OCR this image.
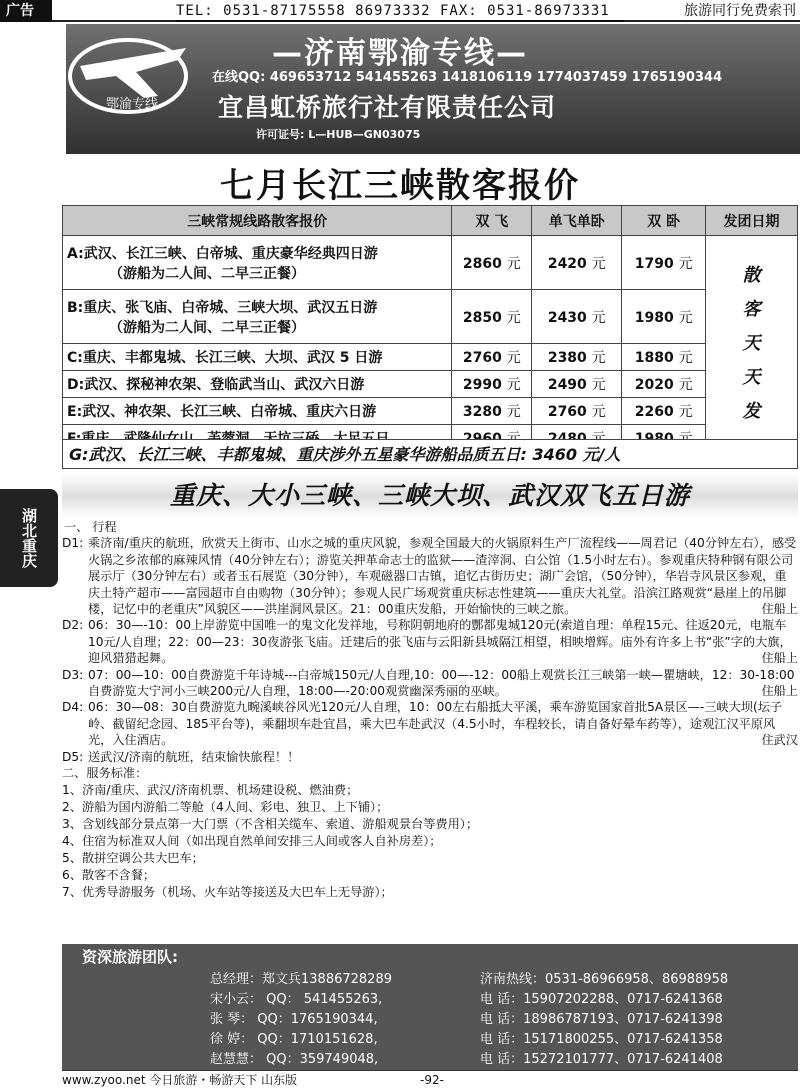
广告	TEL: 0531-87175558 86973332 FAX: 0531-86973331	旅游同行免费索刊
鄂渝专线
—济南鄂渝专线—
在线QQ: 469653712 541455263 1418106119 1774037459 1765190344
宜昌虹桥旅行社有限责任公司
许可证号: L—HUB—GN03075
七月长江三峡散客报价
三峡常规线路散客报价	双 飞	单飞单卧	双 卧	发团日期

A:武汉、长江三峡、白帝城、重庆豪华经典四日游
（游船为二人间、二早三正餐）	2860 元	2420 元	1790 元	散客天天发

B:重庆、张飞庙、白帝城、三峡大坝、武汉五日游
（游船为二人间、二早三正餐）	2850 元	2430 元	1980 元	
C:重庆、丰都鬼城、长江三峡、大坝、武汉 5 日游	2760 元	2380 元	1880 元	
D:武汉、探秘神农架、登临武当山、武汉六日游	2990 元	2490 元	2020 元	
E:武汉、神农架、长江三峡、白帝城、重庆六日游	3280 元	2760 元	2260 元	

G:武汉、长江三峡、丰都鬼城、重庆涉外五星豪华游船品质五日: 3460 元/人
湖北重庆
重庆、大小三峡、三峡大坝、武汉双飞五日游
一、 行程
D1: 乘济南/重庆的航班，欣赏天上街市、山水之城的重庆风貌，参观全国最大的火锅原料生产厂流程线——周君记（40分钟左右），感受火锅之乡浓郁的麻辣风情（40分钟左右）；游览关押革命志士的监狱——渣滓洞、白公馆（1.5小时左右）。参观重庆特种钢有限公司展示厅（30分钟左右）或者玉石展览（30分钟），车观磁器口古镇，追忆古街历史；湖广会馆，（50分钟），华岩寺风景区参观，重庆土特产超市——富园超市自由购物（30分钟）；参观人民广场观赏重庆标志性建筑——重庆大礼堂。沿滨江路观赏“悬崖上的吊脚楼，记忆中的老重庆”风貌区——洪崖洞风景区。21：00重庆发船，开始愉快的三峡之旅。	住船上
D2: 06：30—-10：00上岸游览中国唯一的鬼文化发祥地，号称阴朝地府的酆都鬼城120元(索道自理：单程15元、往返20元，电瓶车10元/人自理；22：00—23：30夜游张飞庙。迁建后的张飞庙与云阳新县城隔江相望，相映增辉。庙外有许多上书“张”字的大旗，迎风猎猎起舞。	住船上
D3: 07：00—10：00自费游览千年诗城---白帝城150元/人自理,10：00—-12：00船上观赏长江三峡第一峡—瞿塘峡，12：30-18:00自费游览大宁河小三峡200元/人自理，18:00—-20:00观赏幽深秀丽的巫峡。	住船上
D4: 06：30—08：30自费游览九畹溪峡谷风光120元/人自理，10：00左右船抵大平溪，乘车游览国家首批5A景区—-三峡大坝(坛子岭、截留纪念园、185平台等)，乘翻坝车赴宜昌，乘大巴车赴武汉（4.5小时，车程较长，请自备好晕车药等），途观江汉平原风光，入住酒店。	住武汉
D5: 送武汉/济南的航班，结束愉快旅程！！

二、服务标准：

1、济南/重庆、武汉/济南机票、机场建设税、燃油费；

2、游船为国内游船二等舱（4人间、彩电、独卫、上下铺）；

3、含划线部分景点第一大门票（不含相关缆车、索道、游船观景台等费用）；

4、住宿为标准双人间（如出现自然单间安排三人间或客人自补房差）；

5、散拼空调公共大巴车；

6、散客不含餐；

7、优秀导游服务（机场、火车站等接送及大巴车上无导游）；

资深旅游团队:
总经理：郑文兵13886728289	济南热线：0531-86966958、86988958
宋小云： QQ： 541455263,	电 话：15907202288、0717-6241368
张 琴： QQ：1765190344,	电 话：18986787193、0717-6241398
徐 婷： QQ：1710151628,	电 话：15171800255、0717-6241358
赵慧慧： QQ：359749048,	电 话：15272101777、0717-6241408
www.zyoo.net 今日旅游・畅游天下 山东版	-92-
